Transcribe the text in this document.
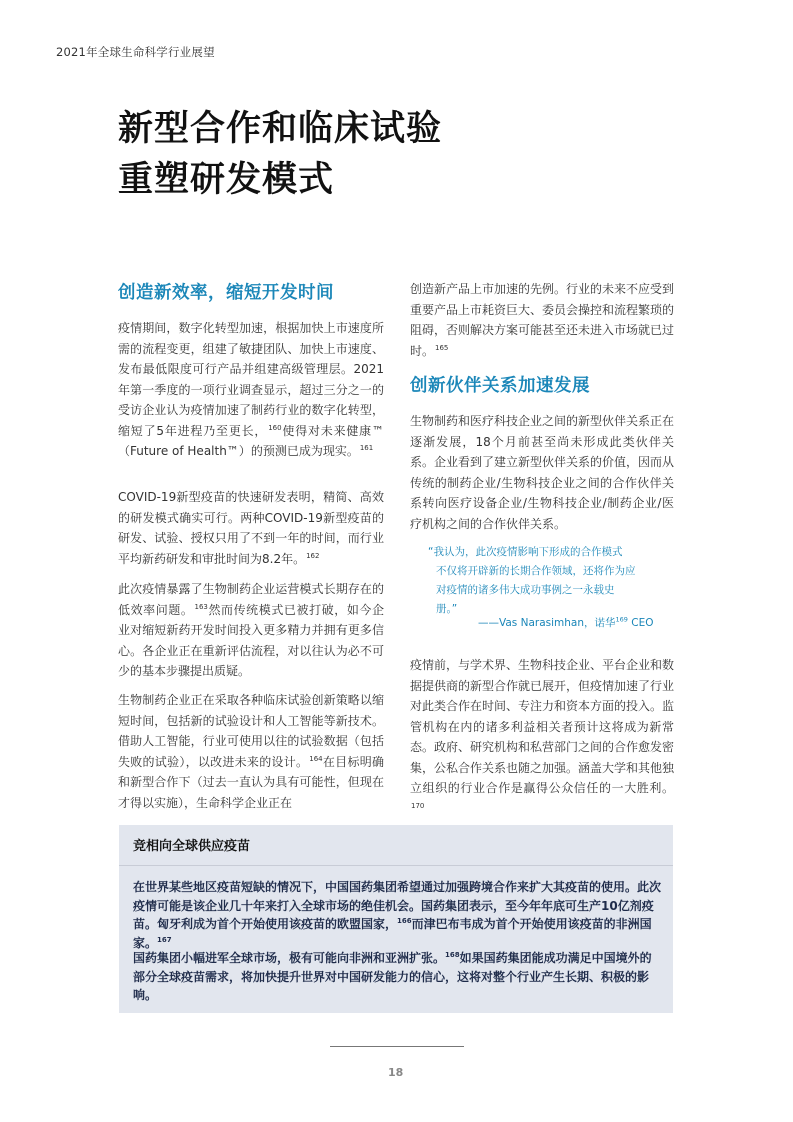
2021年全球生命科学行业展望
新型合作和临床试验
重塑研发模式
创造新效率，缩短开发时间

疫情期间，数字化转型加速，根据加快上市速度所需的流程变更，组建了敏捷团队、加快上市速度、发布最低限度可行产品并组建高级管理层。2021年第一季度的一项行业调查显示，超过三分之一的受访企业认为疫情加速了制药行业的数字化转型，缩短了5年进程乃至更长，$^{160}$使得对未来健康™（Future of Health™）的预测已成为现实。$^{161}$

COVID-19新型疫苗的快速研发表明，精简、高效的研发模式确实可行。两种COVID-19新型疫苗的研发、试验、授权只用了不到一年的时间，而行业平均新药研发和审批时间为8.2年。$^{162}$

此次疫情暴露了生物制药企业运营模式长期存在的低效率问题。$^{163}$然而传统模式已被打破，如今企业对缩短新药开发时间投入更多精力并拥有更多信心。各企业正在重新评估流程，对以往认为必不可少的基本步骤提出质疑。

生物制药企业正在采取各种临床试验创新策略以缩短时间，包括新的试验设计和人工智能等新技术。借助人工智能，行业可使用以往的试验数据（包括失败的试验），以改进未来的设计。$^{164}$在目标明确和新型合作下（过去一直认为具有可能性，但现在才得以实施），生命科学企业正在

创造新产品上市加速的先例。行业的未来不应受到重要产品上市耗资巨大、委员会操控和流程繁琐的阻碍，否则解决方案可能甚至还未进入市场就已过时。$^{165}$

创新伙伴关系加速发展

生物制药和医疗科技企业之间的新型伙伴关系正在逐渐发展，18个月前甚至尚未形成此类伙伴关系。企业看到了建立新型伙伴关系的价值，因而从传统的制药企业/生物科技企业之间的合作伙伴关系转向医疗设备企业/生物科技企业/制药企业/医疗机构之间的合作伙伴关系。

“我认为，此次疫情影响下形成的合作模式
不仅将开辟新的长期合作领域，还将作为应
对疫情的诸多伟大成功事例之一永载史
册。”
——Vas Narasimhan，诺华$^{169}$ CEO

疫情前，与学术界、生物科技企业、平台企业和数据提供商的新型合作就已展开，但疫情加速了行业对此类合作在时间、专注力和资本方面的投入。监管机构在内的诸多利益相关者预计这将成为新常态。政府、研究机构和私营部门之间的合作愈发密集，公私合作关系也随之加强。涵盖大学和其他独立组织的行业合作是赢得公众信任的一大胜利。$^{170}$

竞相向全球供应疫苗

在世界某些地区疫苗短缺的情况下，中国国药集团希望通过加强跨境合作来扩大其疫苗的使用。此次疫情可能是该企业几十年来打入全球市场的绝佳机会。国药集团表示，至今年年底可生产10亿剂疫苗。匈牙利成为首个开始使用该疫苗的欧盟国家，$^{166}$而津巴布韦成为首个开始使用该疫苗的非洲国家。$^{167}$

国药集团小幅进军全球市场，极有可能向非洲和亚洲扩张。$^{168}$如果国药集团能成功满足中国境外的部分全球疫苗需求，将加快提升世界对中国研发能力的信心，这将对整个行业产生长期、积极的影响。

18
